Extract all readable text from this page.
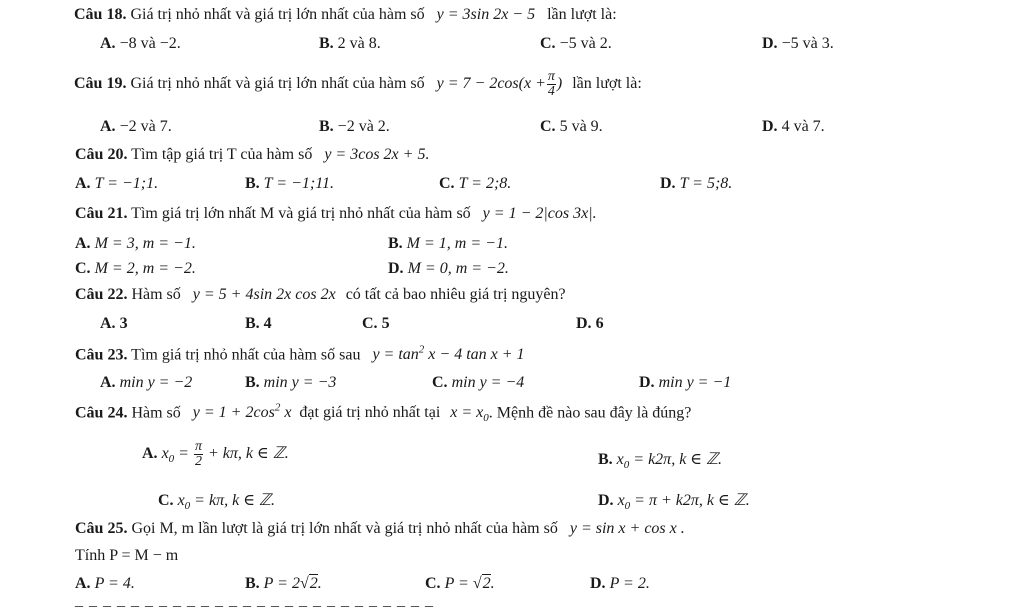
Câu 18. Giá trị nhỏ nhất và giá trị lớn nhất của hàm số y = 3sin 2x − 5 lần lượt là:
A. −8 và −2.	B. 2 và 8.	C. −5 và 2.	D. −5 và 3.
Câu 19. Giá trị nhỏ nhất và giá trị lớn nhất của hàm số $y = 7 - 2\cos(x + \frac{\pi}{4}$ ) lần lượt là:
A. −2 và 7.	B. −2 và 2.	C. 5 và 9.	D. 4 và 7.
Câu 20. Tìm tập giá trị T của hàm số y = 3cos 2x + 5.
A. T = −1;1.	B. T = −1;11.	C. T = 2;8.	D. T = 5;8.
Câu 21. Tìm giá trị lớn nhất M và giá trị nhỏ nhất của hàm số y = 1 − 2|cos 3x|.
A. M = 3, m = −1.	B. M = 1, m = −1.
C. M = 2, m = −2.	D. M = 0, m = −2.
Câu 22. Hàm số y = 5 + 4sin 2x cos 2x có tất cả bao nhiêu giá trị nguyên?
A. 3	B. 4	C. 5	D. 6
Câu 23. Tìm giá trị nhỏ nhất của hàm số sau $y = \tan^2 x - 4$ tan x + 1
A. min y = −2	B. min y = −3	C. min y = −4	D. min y = −1
Câu 24. Hàm số $y = 1 + 2\cos^2$ x đạt giá trị nhỏ nhất tại $x = x_0$. Mệnh đề nào sau đây là đúng?
A. $x_0 = \frac{\pi}{2} + k\pi$, k ∈ ℤ.	B. $x_0 = k2\pi$, k ∈ ℤ.
C. $x_0 = k\pi$, k ∈ ℤ.	D. $x_0 = \pi + k2\pi$, k ∈ ℤ.
Câu 25. Gọi M, m lần lượt là giá trị lớn nhất và giá trị nhỏ nhất của hàm số y = sin x + cos x .
Tính P = M − m
A. P = 4.	B. P = 2√2.	C. P = √2.	D. P = 2.
_ _ _ _ _ _ _ _ _ _ _ _ _ _ _ _ _ _ _ _ _ _ _ _ _ _
